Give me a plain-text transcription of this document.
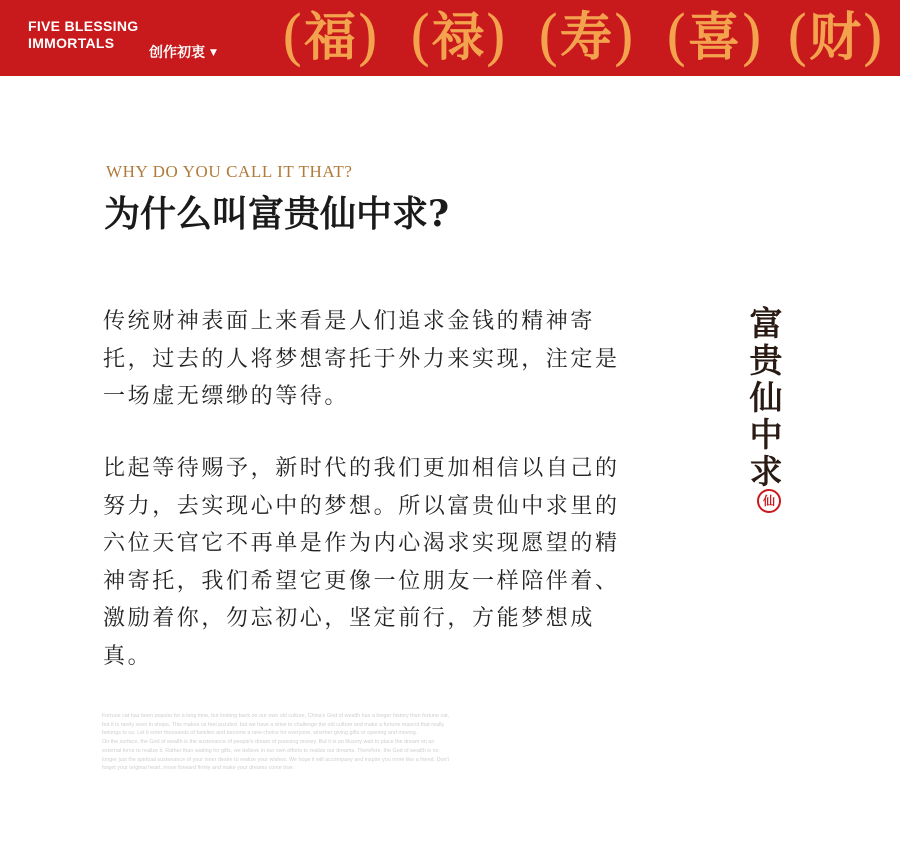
FIVE BLESSING
IMMORTALS
创作初衷 ▼ ( 福 ) ( 禄 ) ( 寿 ) ( 喜 ) ( 财 )
WHY DO YOU CALL IT THAT?
为什么叫富贵仙中求?
传统财神表面上来看是人们追求金钱的精神寄托，过去的人将梦想寄托于外力来实现，注定是一场虚无缥缈的等待。
比起等待赐予，新时代的我们更加相信以自己的努力，去实现心中的梦想。所以富贵仙中求里的六位天官它不再单是作为内心渴求实现愿望的精神寄托，我们希望它更像一位朋友一样陪伴着、激励着你，勿忘初心，坚定前行，方能梦想成真。
富
贵
仙
中
求
仙
Fortune cat has been popular for a long time, but looking back on our own old culture, China's God of wealth has a longer history than fortune cat,
but it is rarely seen in shops. This makes us feel puzzled, but we have a drive to challenge the old culture and make a fortune mascot that really
belongs to us. Let it enter thousands of families and become a new choice for everyone, whether giving gifts or opening and moving.
On the surface, the God of wealth is the sustenance of people's dream of pursuing money. But it is an illusory wait to place the dream on an
external force to realize it. Rather than waiting for gifts, we believe in our own efforts to realize our dreams. Therefore, the God of wealth is no
longer just the spiritual sustenance of your inner desire to realize your wishes. We hope it will accompany and inspire you more like a friend. Don't
forget your original heart, move forward firmly and make your dreams come true.
